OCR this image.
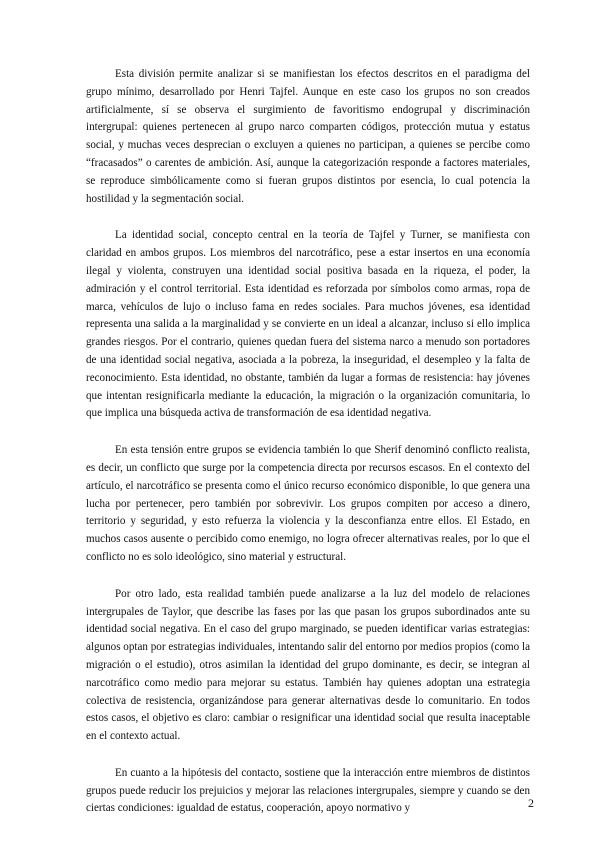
Esta división permite analizar si se manifiestan los efectos descritos en el paradigma del grupo mínimo, desarrollado por Henri Tajfel. Aunque en este caso los grupos no son creados artificialmente, sí se observa el surgimiento de favoritismo endogrupal y discriminación intergrupal: quienes pertenecen al grupo narco comparten códigos, protección mutua y estatus social, y muchas veces desprecian o excluyen a quienes no participan, a quienes se percibe como “fracasados” o carentes de ambición. Así, aunque la categorización responde a factores materiales, se reproduce simbólicamente como si fueran grupos distintos por esencia, lo cual potencia la hostilidad y la segmentación social.

La identidad social, concepto central en la teoría de Tajfel y Turner, se manifiesta con claridad en ambos grupos. Los miembros del narcotráfico, pese a estar insertos en una economía ilegal y violenta, construyen una identidad social positiva basada en la riqueza, el poder, la admiración y el control territorial. Esta identidad es reforzada por símbolos como armas, ropa de marca, vehículos de lujo o incluso fama en redes sociales. Para muchos jóvenes, esa identidad representa una salida a la marginalidad y se convierte en un ideal a alcanzar, incluso si ello implica grandes riesgos. Por el contrario, quienes quedan fuera del sistema narco a menudo son portadores de una identidad social negativa, asociada a la pobreza, la inseguridad, el desempleo y la falta de reconocimiento. Esta identidad, no obstante, también da lugar a formas de resistencia: hay jóvenes que intentan resignificarla mediante la educación, la migración o la organización comunitaria, lo que implica una búsqueda activa de transformación de esa identidad negativa.

En esta tensión entre grupos se evidencia también lo que Sherif denominó conflicto realista, es decir, un conflicto que surge por la competencia directa por recursos escasos. En el contexto del artículo, el narcotráfico se presenta como el único recurso económico disponible, lo que genera una lucha por pertenecer, pero también por sobrevivir. Los grupos compiten por acceso a dinero, territorio y seguridad, y esto refuerza la violencia y la desconfianza entre ellos. El Estado, en muchos casos ausente o percibido como enemigo, no logra ofrecer alternativas reales, por lo que el conflicto no es solo ideológico, sino material y estructural.

Por otro lado, esta realidad también puede analizarse a la luz del modelo de relaciones intergrupales de Taylor, que describe las fases por las que pasan los grupos subordinados ante su identidad social negativa. En el caso del grupo marginado, se pueden identificar varias estrategias: algunos optan por estrategias individuales, intentando salir del entorno por medios propios (como la migración o el estudio), otros asimilan la identidad del grupo dominante, es decir, se integran al narcotráfico como medio para mejorar su estatus. También hay quienes adoptan una estrategia colectiva de resistencia, organizándose para generar alternativas desde lo comunitario. En todos estos casos, el objetivo es claro: cambiar o resignificar una identidad social que resulta inaceptable en el contexto actual.

En cuanto a la hipótesis del contacto, sostiene que la interacción entre miembros de distintos grupos puede reducir los prejuicios y mejorar las relaciones intergrupales, siempre y cuando se den ciertas condiciones: igualdad de estatus, cooperación, apoyo normativo y	2
